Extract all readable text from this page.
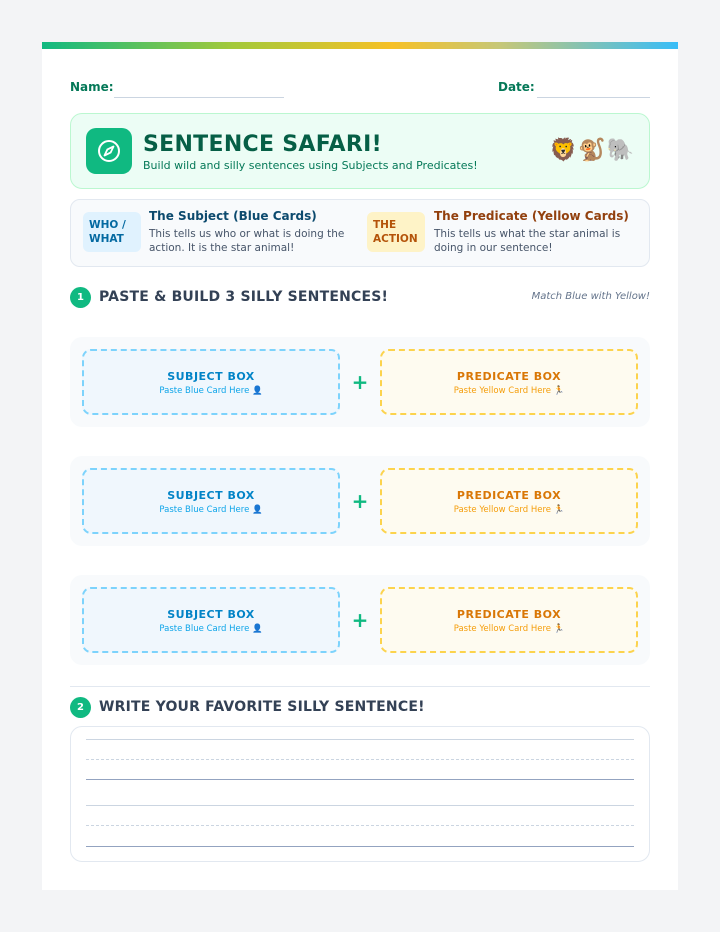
Name:	Date:
SENTENCE SAFARI!
Build wild and silly sentences using Subjects and Predicates!
🦁🐒🐘
WHO / WHAT
The Subject (Blue Cards)
This tells us who or what is doing the action. It is the star animal!
THE ACTION
The Predicate (Yellow Cards)
This tells us what the star animal is doing in our sentence!
1	PASTE & BUILD 3 SILLY SENTENCES!	Match Blue with Yellow!
SUBJECT BOX
Paste Blue Card Here 👤	+	PREDICATE BOX
Paste Yellow Card Here 🏃
SUBJECT BOX
Paste Blue Card Here 👤	+	PREDICATE BOX
Paste Yellow Card Here 🏃
SUBJECT BOX
Paste Blue Card Here 👤	+	PREDICATE BOX
Paste Yellow Card Here 🏃
2	WRITE YOUR FAVORITE SILLY SENTENCE!
